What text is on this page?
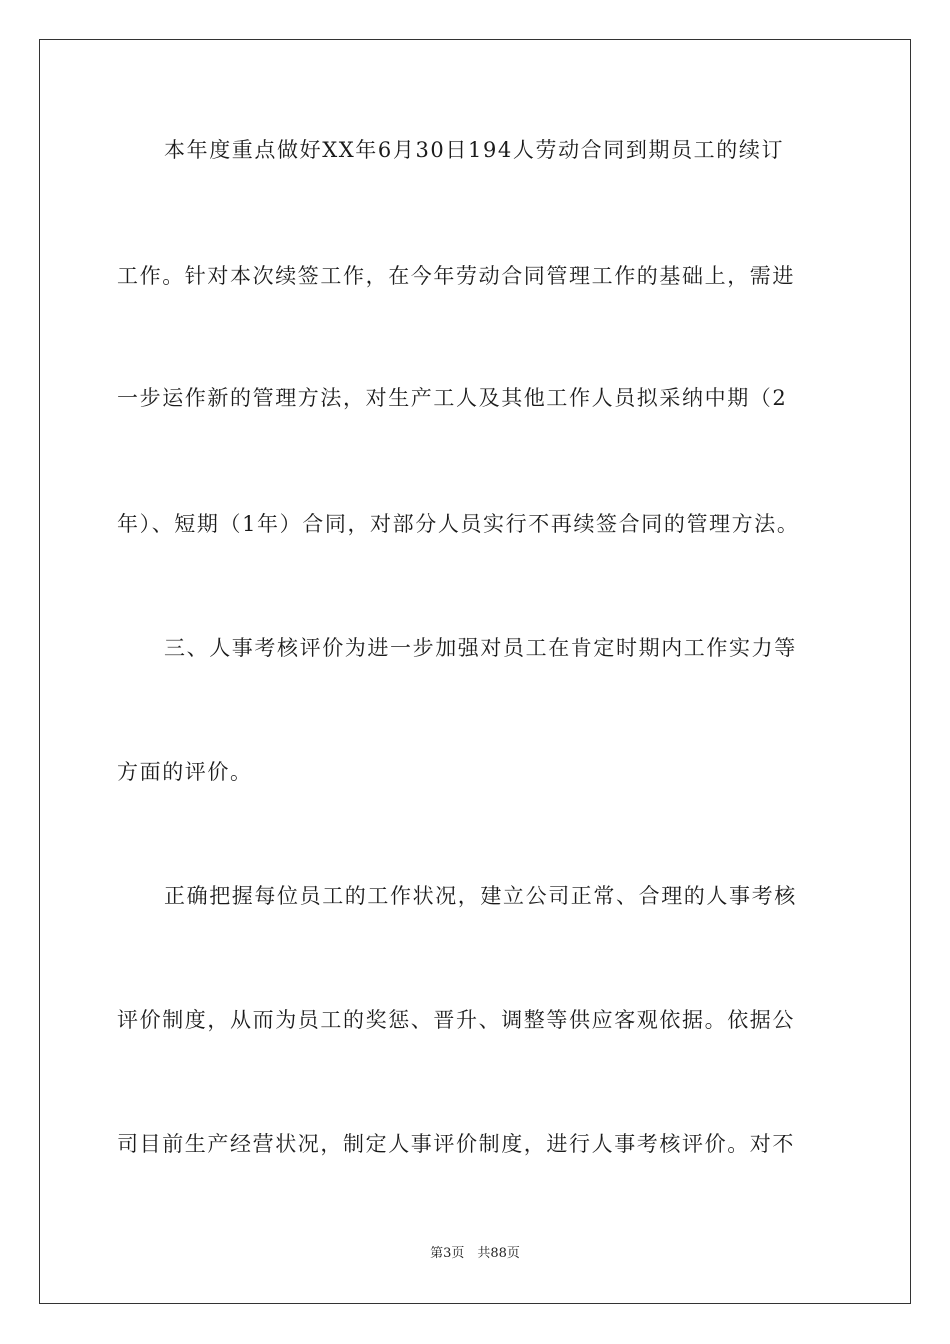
本年度重点做好XX年6月30日194人劳动合同到期员工的续订
工作。针对本次续签工作，在今年劳动合同管理工作的基础上，需进
一步运作新的管理方法，对生产工人及其他工作人员拟采纳中期（2
年）、短期（1年）合同，对部分人员实行不再续签合同的管理方法。
三、人事考核评价为进一步加强对员工在肯定时期内工作实力等
方面的评价。
正确把握每位员工的工作状况，建立公司正常、合理的人事考核
评价制度，从而为员工的奖惩、晋升、调整等供应客观依据。依据公
司目前生产经营状况，制定人事评价制度，进行人事考核评价。对不
第3页　共88页
